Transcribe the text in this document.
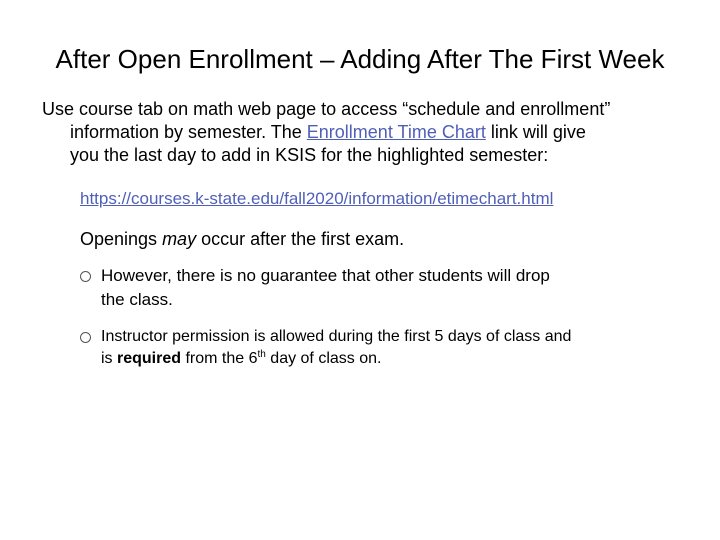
After Open Enrollment – Adding After The First Week
Use course tab on math web page to access “schedule and enrollment”
information by semester. The Enrollment Time Chart link will give
you the last day to add in KSIS for the highlighted semester:
https://courses.k-state.edu/fall2020/information/etimechart.html
Openings may occur after the first exam.
However, there is no guarantee that other students will drop
the class.
Instructor permission is allowed during the first 5 days of class and
is required from the 6th day of class on.
